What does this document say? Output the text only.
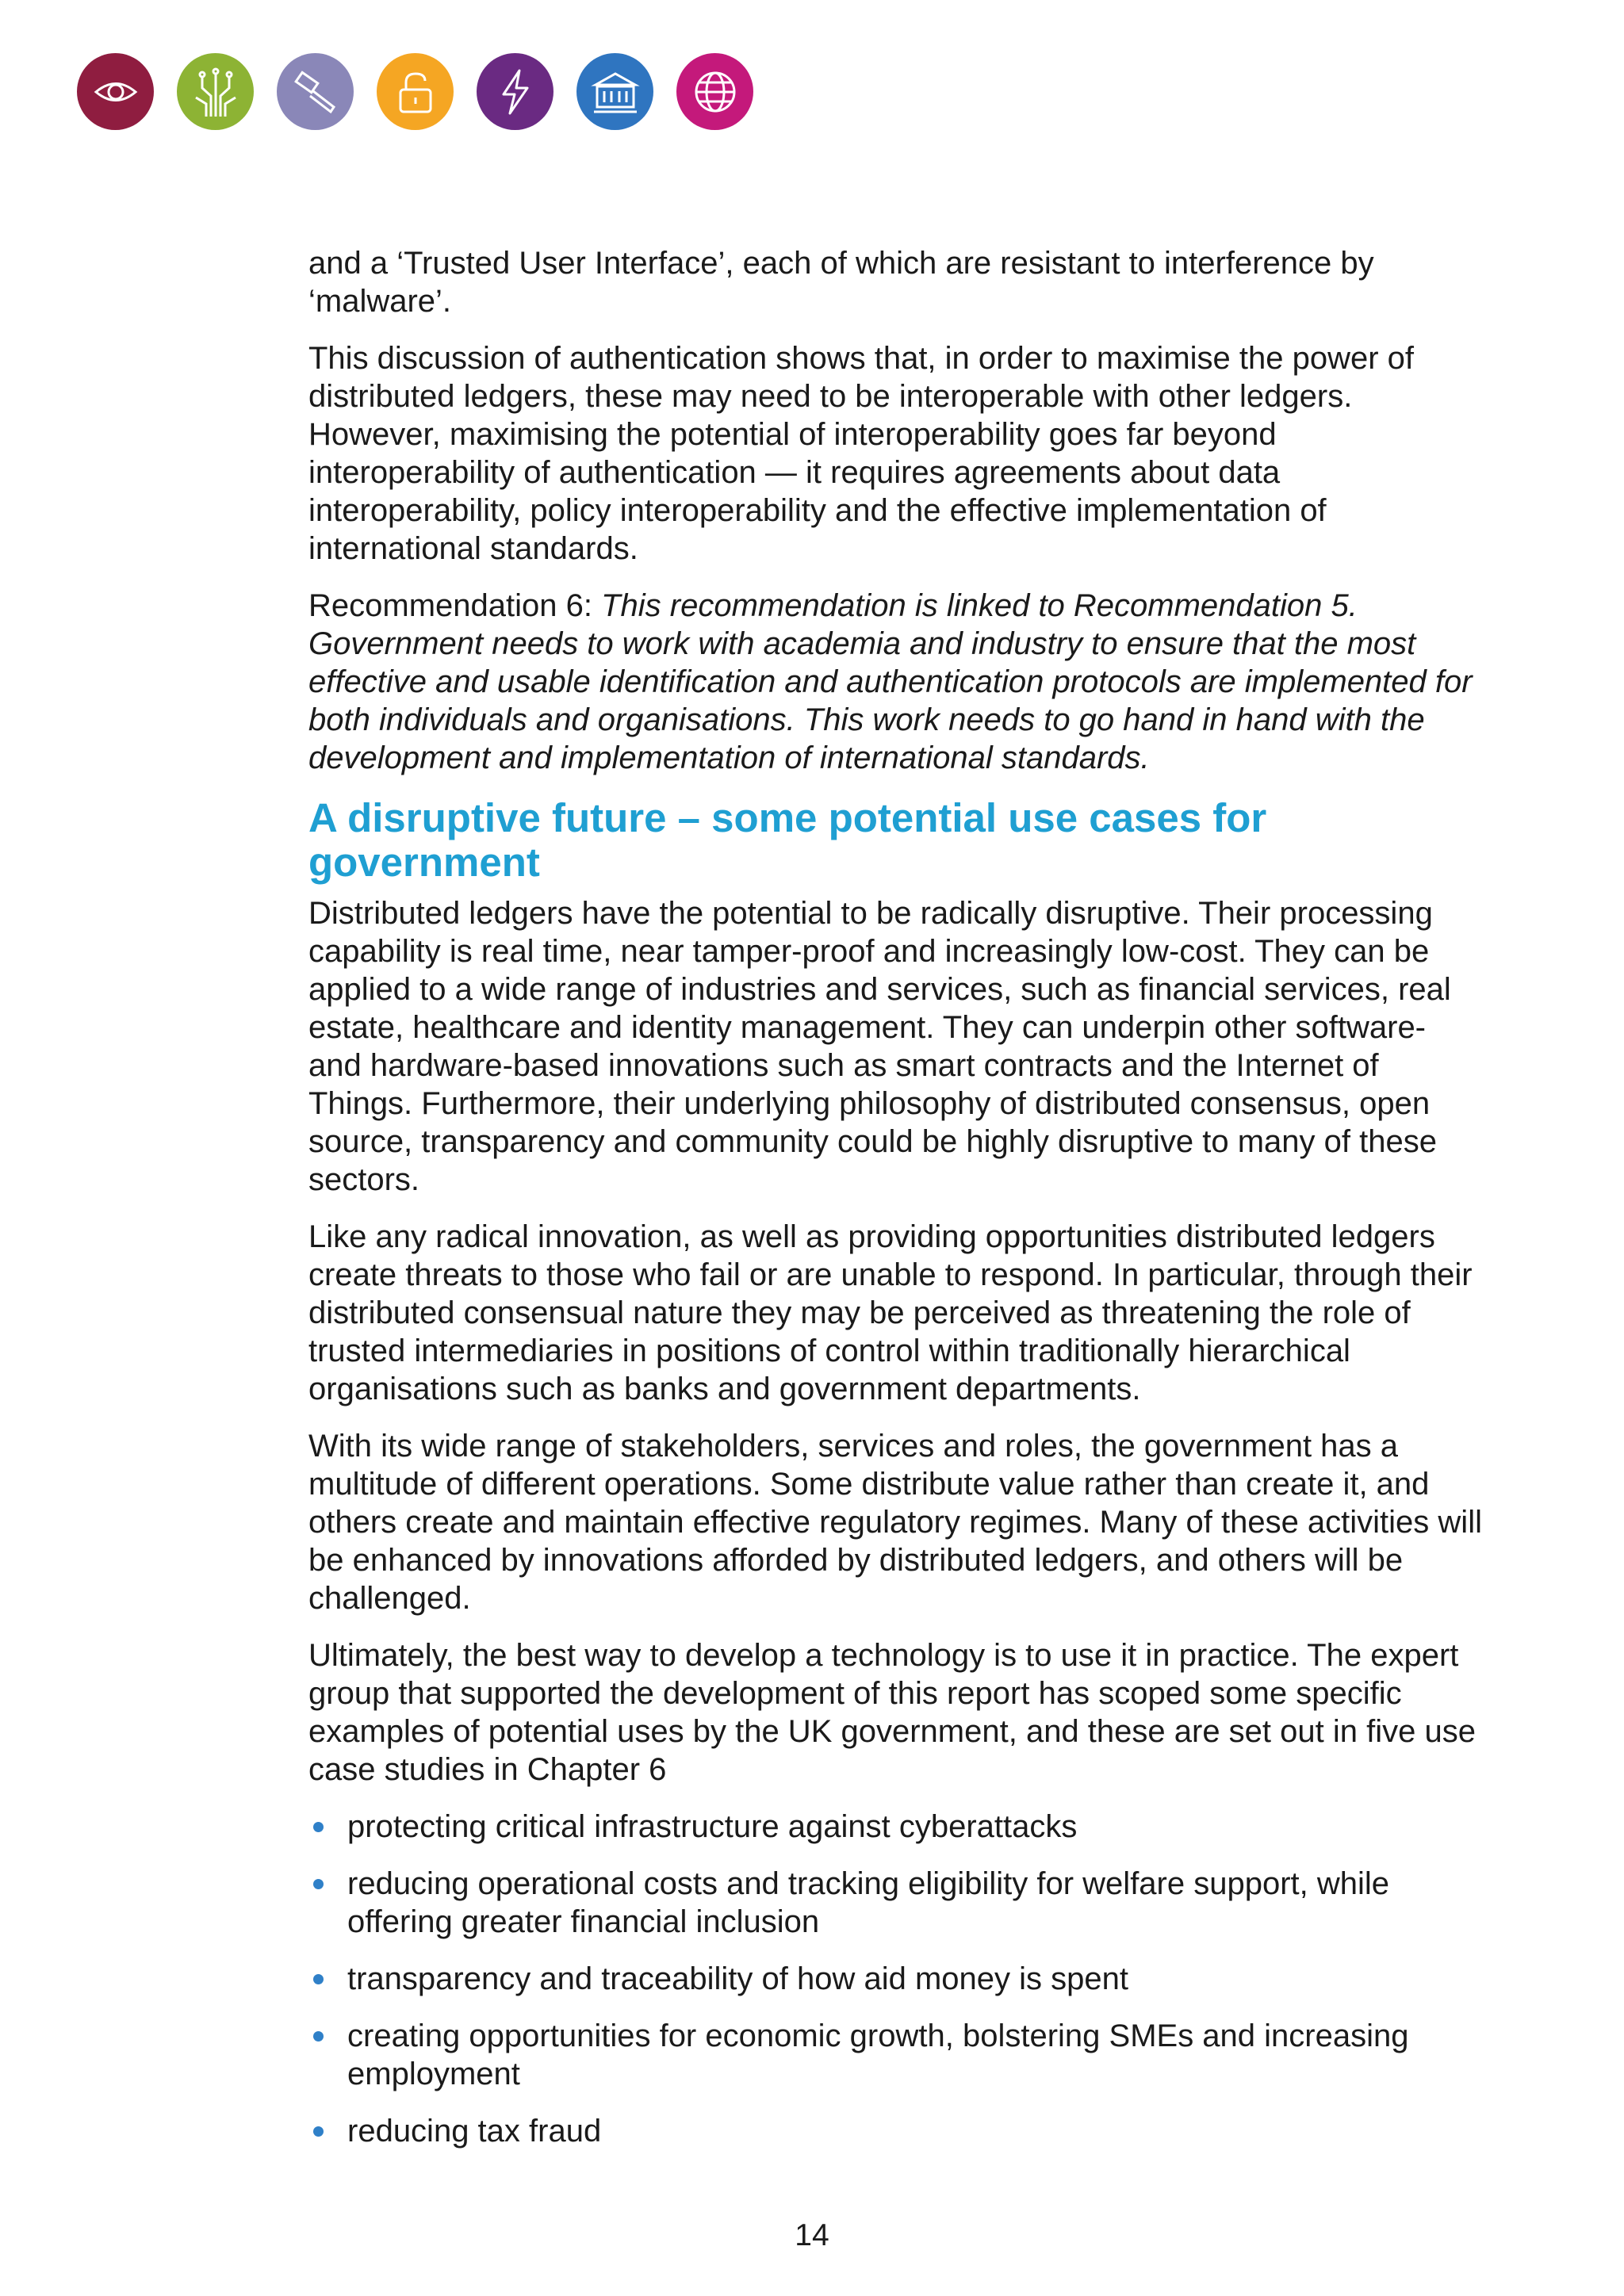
and a ‘Trusted User Interface’, each of which are resistant to interference by ‘malware’.

This discussion of authentication shows that, in order to maximise the power of distributed ledgers, these may need to be interoperable with other ledgers. However, maximising the potential of interoperability goes far beyond interoperability of authentication — it requires agreements about data interoperability, policy interoperability and the effective implementation of international standards.

Recommendation 6: This recommendation is linked to Recommendation 5. Government needs to work with academia and industry to ensure that the most effective and usable identification and authentication protocols are implemented for both individuals and organisations. This work needs to go hand in hand with the development and implementation of international standards.

A disruptive future – some potential use cases for government

Distributed ledgers have the potential to be radically disruptive. Their processing capability is real time, near tamper-proof and increasingly low-cost. They can be applied to a wide range of industries and services, such as financial services, real estate, healthcare and identity management. They can underpin other software- and hardware-based innovations such as smart contracts and the Internet of Things. Furthermore, their underlying philosophy of distributed consensus, open source, transparency and community could be highly disruptive to many of these sectors.

Like any radical innovation, as well as providing opportunities distributed ledgers create threats to those who fail or are unable to respond. In particular, through their distributed consensual nature they may be perceived as threatening the role of trusted intermediaries in positions of control within traditionally hierarchical organisations such as banks and government departments.

With its wide range of stakeholders, services and roles, the government has a multitude of different operations. Some distribute value rather than create it, and others create and maintain effective regulatory regimes. Many of these activities will be enhanced by innovations afforded by distributed ledgers, and others will be challenged.

Ultimately, the best way to develop a technology is to use it in practice. The expert group that supported the development of this report has scoped some specific examples of potential uses by the UK government, and these are set out in five use case studies in Chapter 6

protecting critical infrastructure against cyberattacks
reducing operational costs and tracking eligibility for welfare support, while offering greater financial inclusion
transparency and traceability of how aid money is spent
creating opportunities for economic growth, bolstering SMEs and increasing employment
reducing tax fraud
14
